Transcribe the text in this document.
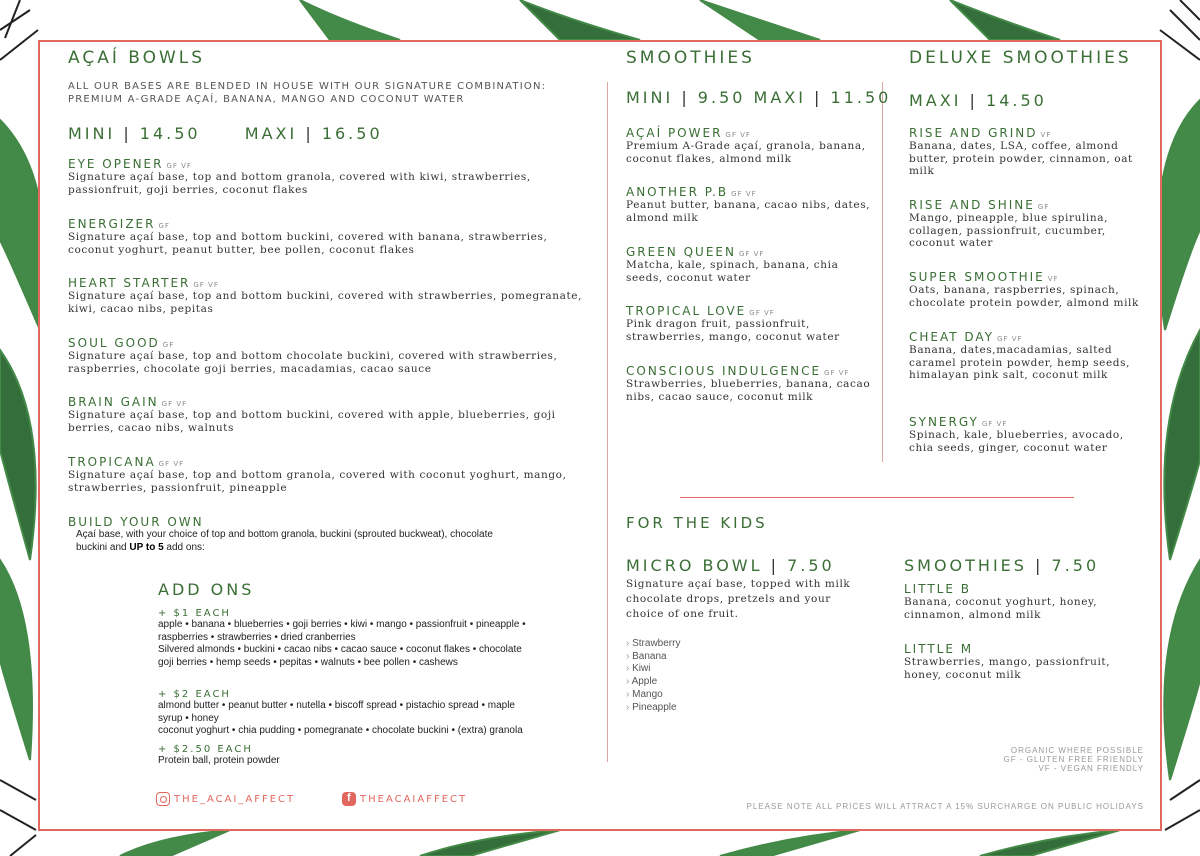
AÇAÍ BOWLS
ALL OUR BASES ARE BLENDED IN HOUSE WITH OUR SIGNATURE COMBINATION: PREMIUM A-GRADE AÇAÍ, BANANA, MANGO AND COCONUT WATER
MINI | 14.50	MAXI | 16.50
EYE OPENER GF VF
Signature açaí base, top and bottom granola, covered with kiwi, strawberries, passionfruit, goji berries, coconut flakes
ENERGIZER GF
Signature açaí base, top and bottom buckini, covered with banana, strawberries, coconut yoghurt, peanut butter, bee pollen, coconut flakes
HEART STARTER GF VF
Signature açaí base, top and bottom buckini, covered with strawberries, pomegranate, kiwi, cacao nibs, pepitas
SOUL GOOD GF
Signature açaí base, top and bottom chocolate buckini, covered with strawberries, raspberries, chocolate goji berries, macadamias, cacao sauce
BRAIN GAIN GF VF
Signature açaí base, top and bottom buckini, covered with apple, blueberries, goji berries, cacao nibs, walnuts
TROPICANA GF VF
Signature açaí base, top and bottom granola, covered with coconut yoghurt, mango, strawberries, passionfruit, pineapple
BUILD YOUR OWN
Açaí base, with your choice of top and bottom granola, buckini (sprouted buckweat), chocolate
buckini and UP to 5 add ons:
ADD ONS
+ $1 EACH
apple • banana • blueberries • goji berries • kiwi • mango • passionfruit • pineapple •
raspberries • strawberries • dried cranberries
Silvered almonds • buckini • cacao nibs • cacao sauce • coconut flakes • chocolate
goji berries • hemp seeds • pepitas • walnuts • bee pollen • cashews
+ $2 EACH
almond butter • peanut butter • nutella • biscoff spread • pistachio spread • maple
syrup • honey
coconut yoghurt • chia pudding • pomegranate • chocolate buckini • (extra) granola
+ $2.50 EACH
Protein ball, protein powder
THE_ACAI_AFFECT
f	THEACAIAFFECT
SMOOTHIES
MINI | 9.50 MAXI | 11.50
AÇAÍ POWER GF VF
Premium A-Grade açaí, granola, banana, coconut flakes, almond milk
ANOTHER P.B GF VF
Peanut butter, banana, cacao nibs, dates, almond milk
GREEN QUEEN GF VF
Matcha, kale, spinach, banana, chia seeds, coconut water
TROPICAL LOVE GF VF
Pink dragon fruit, passionfruit, strawberries, mango, coconut water
CONSCIOUS INDULGENCE GF VF
Strawberries, blueberries, banana, cacao nibs, cacao sauce, coconut milk
DELUXE SMOOTHIES
MAXI | 14.50
RISE AND GRIND VF
Banana, dates, LSA, coffee, almond butter, protein powder, cinnamon, oat milk
RISE AND SHINE GF
Mango, pineapple, blue spirulina, collagen, passionfruit, cucumber, coconut water
SUPER SMOOTHIE VF
Oats, banana, raspberries, spinach, chocolate protein powder, almond milk
CHEAT DAY GF VF
Banana, dates,macadamias, salted caramel protein powder, hemp seeds, himalayan pink salt, coconut milk
SYNERGY GF VF
Spinach, kale, blueberries, avocado, chia seeds, ginger, coconut water
FOR THE KIDS
MICRO BOWL | 7.50
Signature açaí base, topped with milk chocolate drops, pretzels and your choice of one fruit.
› Strawberry
› Banana
› Kiwi
› Apple
› Mango
› Pineapple
SMOOTHIES | 7.50
LITTLE B
Banana, coconut yoghurt, honey, cinnamon, almond milk
LITTLE M
Strawberries, mango, passionfruit, honey, coconut milk
ORGANIC WHERE POSSIBLE
GF - GLUTEN FREE FRIENDLY
VF - VEGAN FRIENDLY
PLEASE NOTE ALL PRICES WILL ATTRACT A 15% SURCHARGE ON PUBLIC HOLIDAYS
